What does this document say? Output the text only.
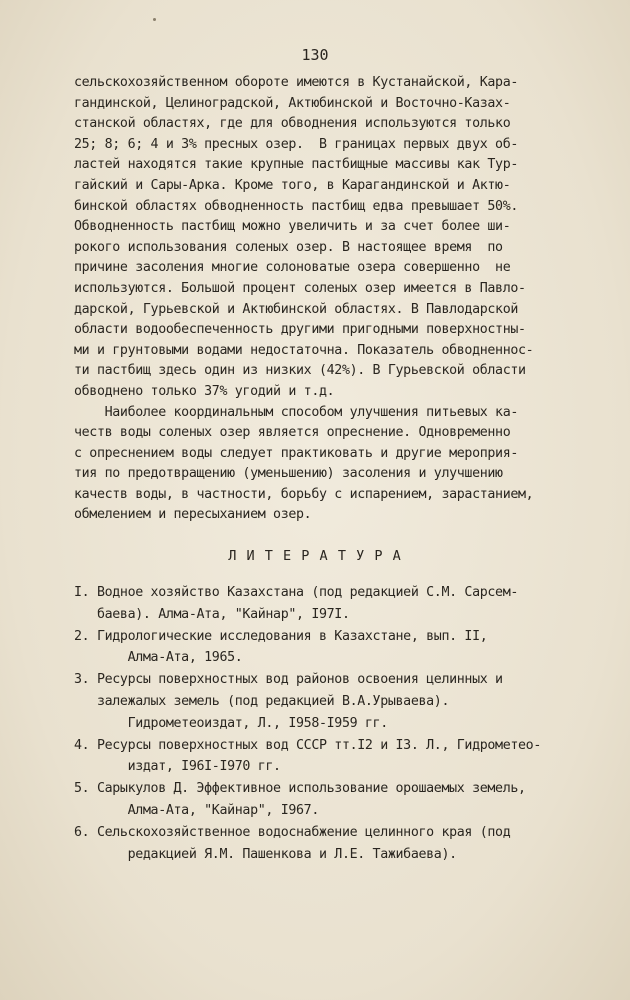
130
сельскохозяйственном обороте имеются в Кустанайской, Кара-
гандинской, Целиноградской, Актюбинской и Восточно-Казах-
станской областях, где для обводнения используются только
25; 8; 6; 4 и 3% пресных озер.  В границах первых двух об-
ластей находятся такие крупные пастбищные массивы как Тур-
гайский и Сары-Арка. Кроме того, в Карагандинской и Актю-
бинской областях обводненность пастбищ едва превышает 50%.
Обводненность пастбищ можно увеличить и за счет более ши-
рокого использования соленых озер. В настоящее время  по
причине засоления многие солоноватые озера совершенно  не
используются. Большой процент соленых озер имеется в Павло-
дарской, Гурьевской и Актюбинской областях. В Павлодарской
области водообеспеченность другими пригодными поверхностны-
ми и грунтовыми водами недостаточна. Показатель обводненнос-
ти пастбищ здесь один из низких (42%). В Гурьевской области
обводнено только 37% угодий и т.д.
Наиболее координальным способом улучшения питьевых ка-
честв воды соленых озер является опреснение. Одновременно
с опреснением воды следует практиковать и другие мероприя-
тия по предотвращению (уменьшению) засоления и улучшению
качеств воды, в частности, борьбу с испарением, зарастанием,
обмелением и пересыханием озер.
Л И Т Е Р А Т У Р А
I. Водное хозяйство Казахстана (под редакцией С.М. Сарсем-
баева). Алма-Ата, "Кайнар", I97I.
2. Гидрологические исследования в Казахстане, вып. II,
Алма-Ата, 1965.
3. Ресурсы поверхностных вод районов освоения целинных и
залежалых земель (под редакцией В.А.Урываева).
Гидрометеоиздат, Л., I958-I959 гг.
4. Ресурсы поверхностных вод СССР тт.I2 и I3. Л., Гидрометео-
издат, I96I-I970 гг.
5. Сарыкулов Д. Эффективное использование орошаемых земель,
Алма-Ата, "Кайнар", I967.
6. Сельскохозяйственное водоснабжение целинного края (под
редакцией Я.М. Пашенкова и Л.Е. Тажибаева).
